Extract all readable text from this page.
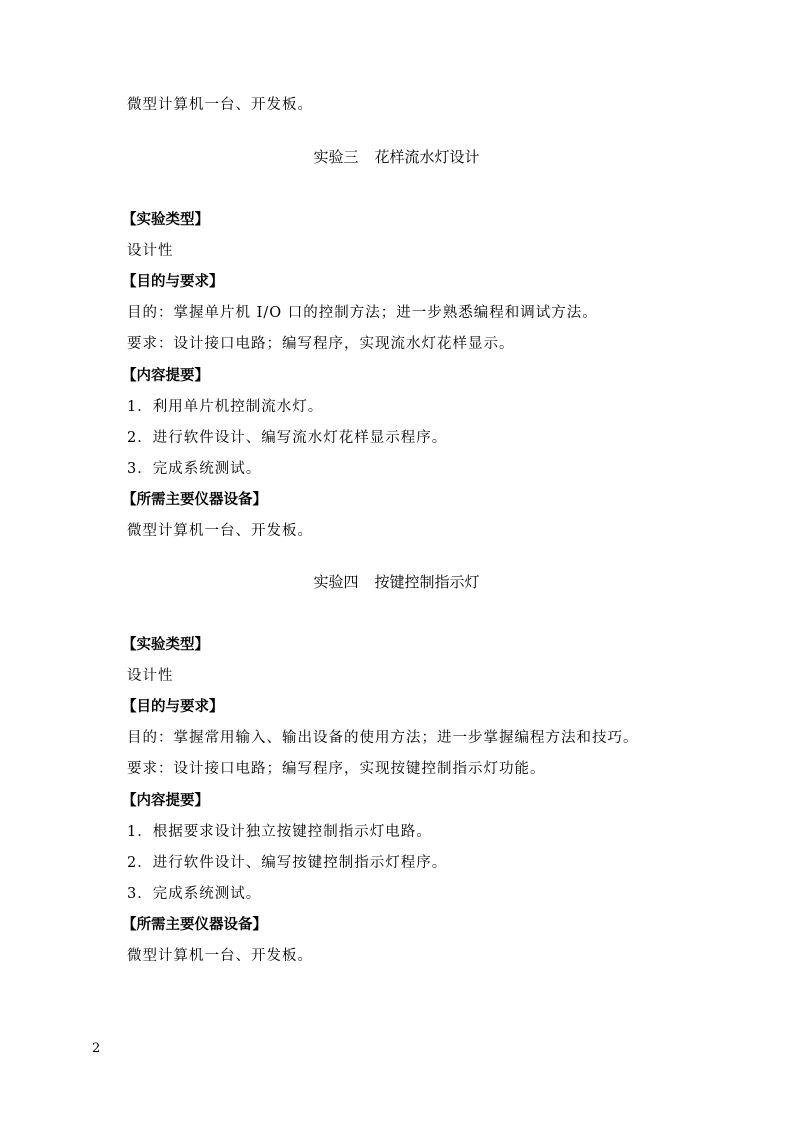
微型计算机一台、开发板。
实验三 花样流水灯设计
【实验类型】
设计性
【目的与要求】
目的：掌握单片机 I/O 口的控制方法；进一步熟悉编程和调试方法。
要求：设计接口电路；编写程序，实现流水灯花样显示。
【内容提要】
1．利用单片机控制流水灯。
2．进行软件设计、编写流水灯花样显示程序。
3．完成系统测试。
【所需主要仪器设备】
微型计算机一台、开发板。
实验四 按键控制指示灯
【实验类型】
设计性
【目的与要求】
目的：掌握常用输入、输出设备的使用方法；进一步掌握编程方法和技巧。
要求：设计接口电路；编写程序，实现按键控制指示灯功能。
【内容提要】
1．根据要求设计独立按键控制指示灯电路。
2．进行软件设计、编写按键控制指示灯程序。
3．完成系统测试。
【所需主要仪器设备】
微型计算机一台、开发板。
2
